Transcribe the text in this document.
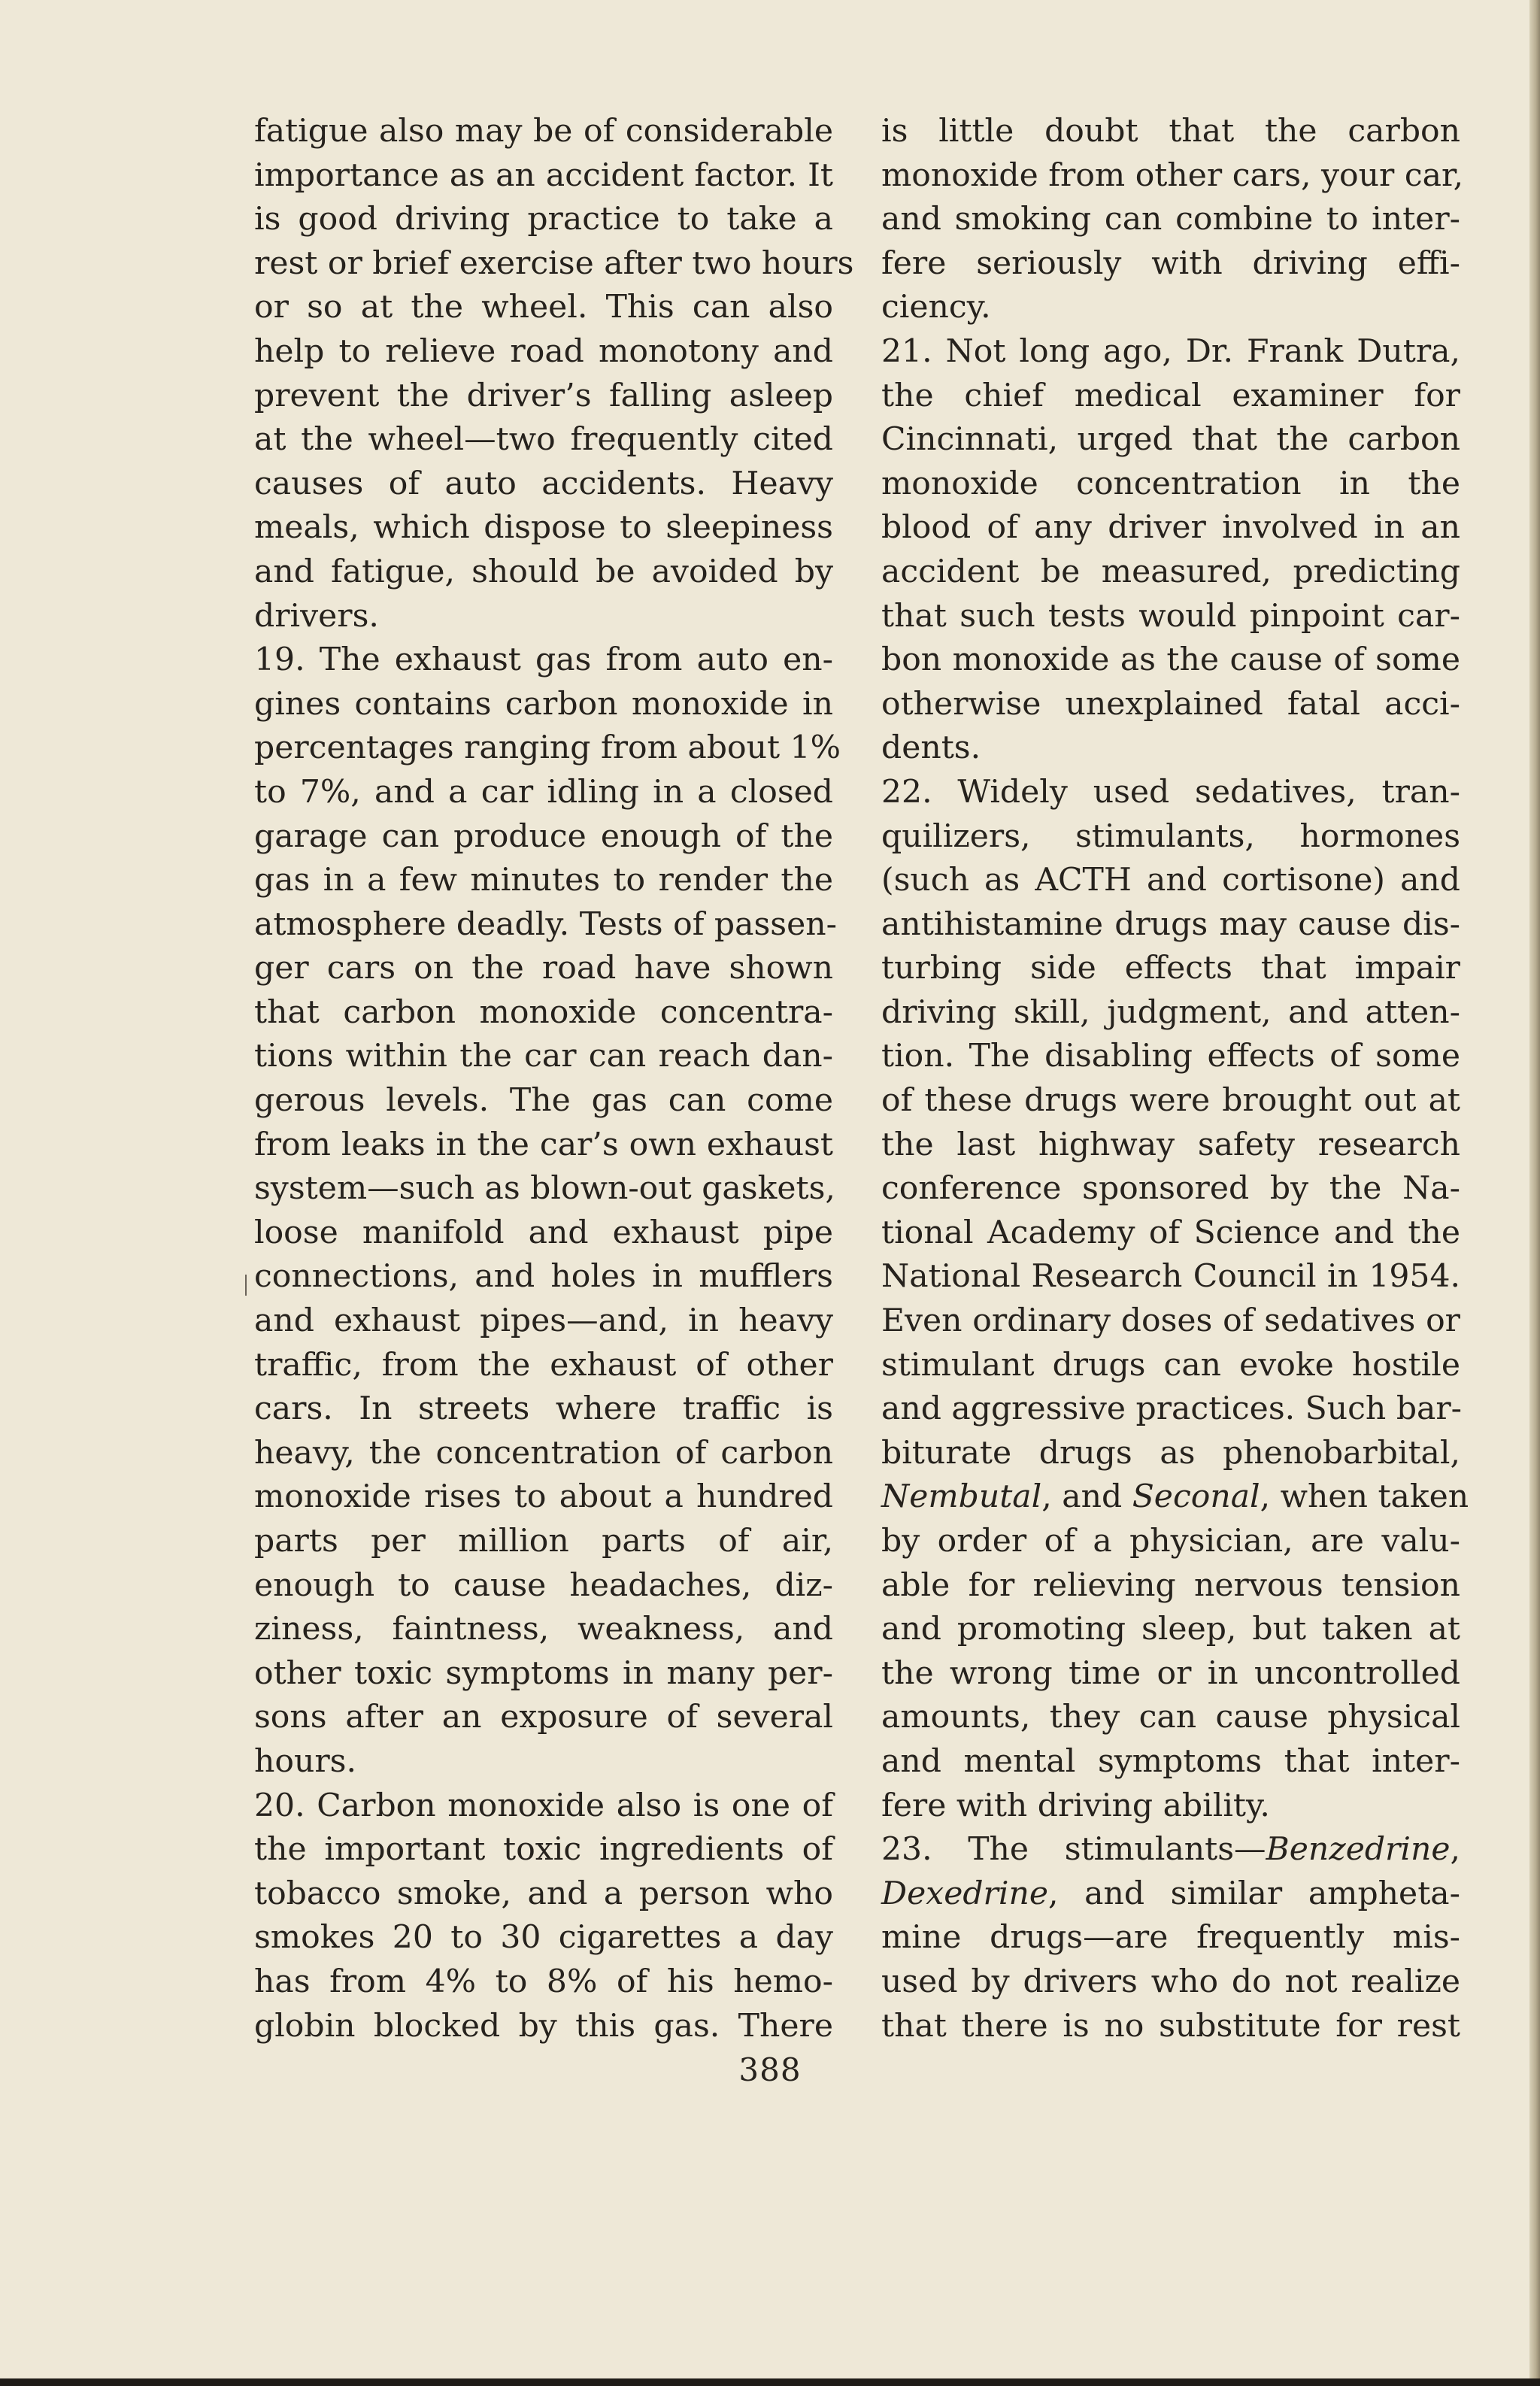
fatigue also may be of considerable
importance as an accident factor. It
is good driving practice to take a
rest or brief exercise after two hours
or so at the wheel. This can also
help to relieve road monotony and
prevent the driver’s falling asleep
at the wheel—two frequently cited
causes of auto accidents. Heavy
meals, which dispose to sleepiness
and fatigue, should be avoided by
drivers.
19. The exhaust gas from auto en-
gines contains carbon monoxide in
percentages ranging from about 1%
to 7%, and a car idling in a closed
garage can produce enough of the
gas in a few minutes to render the
atmosphere deadly. Tests of passen-
ger cars on the road have shown
that carbon monoxide concentra-
tions within the car can reach dan-
gerous levels. The gas can come
from leaks in the car’s own exhaust
system—such as blown-out gaskets,
loose manifold and exhaust pipe
connections, and holes in mufflers
and exhaust pipes—and, in heavy
traffic, from the exhaust of other
cars. In streets where traffic is
heavy, the concentration of carbon
monoxide rises to about a hundred
parts per million parts of air,
enough to cause headaches, diz-
ziness, faintness, weakness, and
other toxic symptoms in many per-
sons after an exposure of several
hours.
20. Carbon monoxide also is one of
the important toxic ingredients of
tobacco smoke, and a person who
smokes 20 to 30 cigarettes a day
has from 4% to 8% of his hemo-
globin blocked by this gas. There
is little doubt that the carbon
monoxide from other cars, your car,
and smoking can combine to inter-
fere seriously with driving effi-
ciency.
21. Not long ago, Dr. Frank Dutra,
the chief medical examiner for
Cincinnati, urged that the carbon
monoxide concentration in the
blood of any driver involved in an
accident be measured, predicting
that such tests would pinpoint car-
bon monoxide as the cause of some
otherwise unexplained fatal acci-
dents.
22. Widely used sedatives, tran-
quilizers, stimulants, hormones
(such as ACTH and cortisone) and
antihistamine drugs may cause dis-
turbing side effects that impair
driving skill, judgment, and atten-
tion. The disabling effects of some
of these drugs were brought out at
the last highway safety research
conference sponsored by the Na-
tional Academy of Science and the
National Research Council in 1954.
Even ordinary doses of sedatives or
stimulant drugs can evoke hostile
and aggressive practices. Such bar-
biturate drugs as phenobarbital,
Nembutal, and Seconal, when taken
by order of a physician, are valu-
able for relieving nervous tension
and promoting sleep, but taken at
the wrong time or in uncontrolled
amounts, they can cause physical
and mental symptoms that inter-
fere with driving ability.
23. The stimulants—Benzedrine,
Dexedrine, and similar ampheta-
mine drugs—are frequently mis-
used by drivers who do not realize
that there is no substitute for rest
388
